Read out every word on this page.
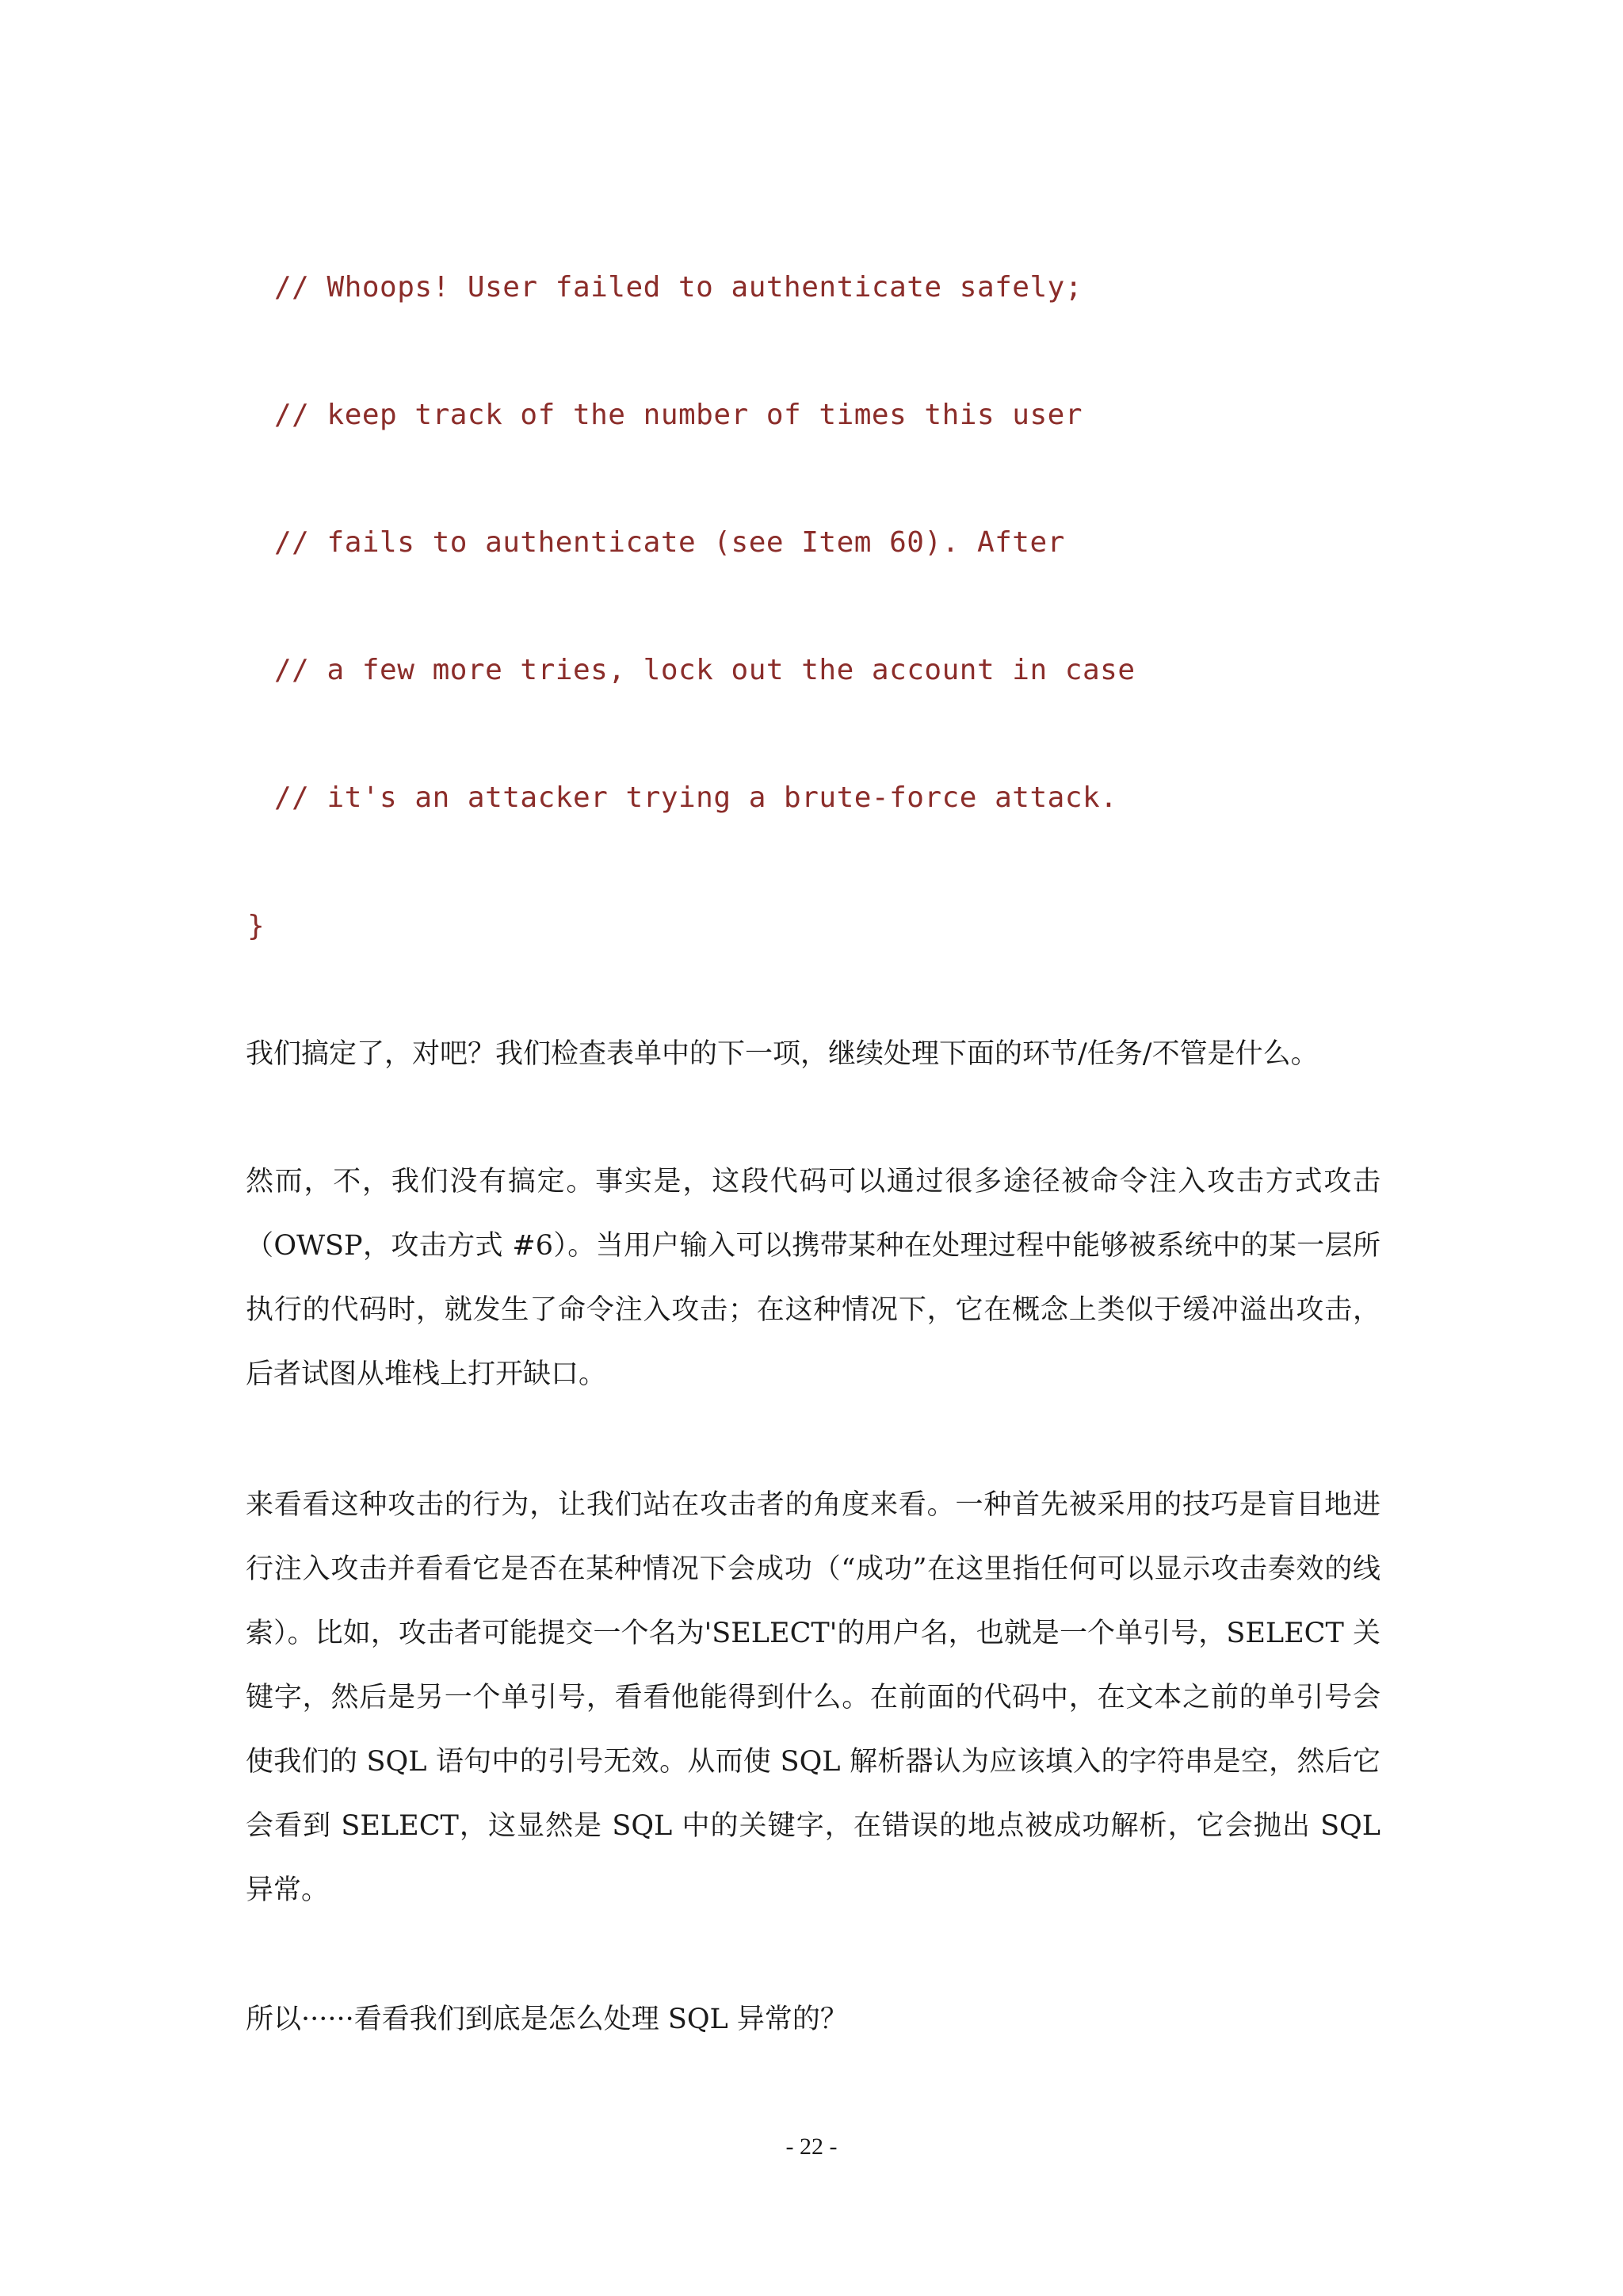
// Whoops! User failed to authenticate safely;
// keep track of the number of times this user
// fails to authenticate (see Item 60). After
// a few more tries, lock out the account in case
// it's an attacker trying a brute-force attack.
}

我们搞定了，对吧？我们检查表单中的下一项，继续处理下面的环节/任务/不管是什么。

然而，不，我们没有搞定。事实是，这段代码可以通过很多途径被命令注入攻击方式攻击（OWSP，攻击方式 #6）。当用户输入可以携带某种在处理过程中能够被系统中的某一层所执行的代码时，就发生了命令注入攻击；在这种情况下，它在概念上类似于缓冲溢出攻击，后者试图从堆栈上打开缺口。

来看看这种攻击的行为，让我们站在攻击者的角度来看。一种首先被采用的技巧是盲目地进行注入攻击并看看它是否在某种情况下会成功（“成功”在这里指任何可以显示攻击奏效的线索）。比如，攻击者可能提交一个名为'SELECT'的用户名，也就是一个单引号，SELECT 关键字，然后是另一个单引号，看看他能得到什么。在前面的代码中，在文本之前的单引号会使我们的 SQL 语句中的引号无效。从而使 SQL 解析器认为应该填入的字符串是空，然后它会看到 SELECT，这显然是 SQL 中的关键字，在错误的地点被成功解析，它会抛出 SQL 异常。

所以······看看我们到底是怎么处理 SQL 异常的？

- 22 -
